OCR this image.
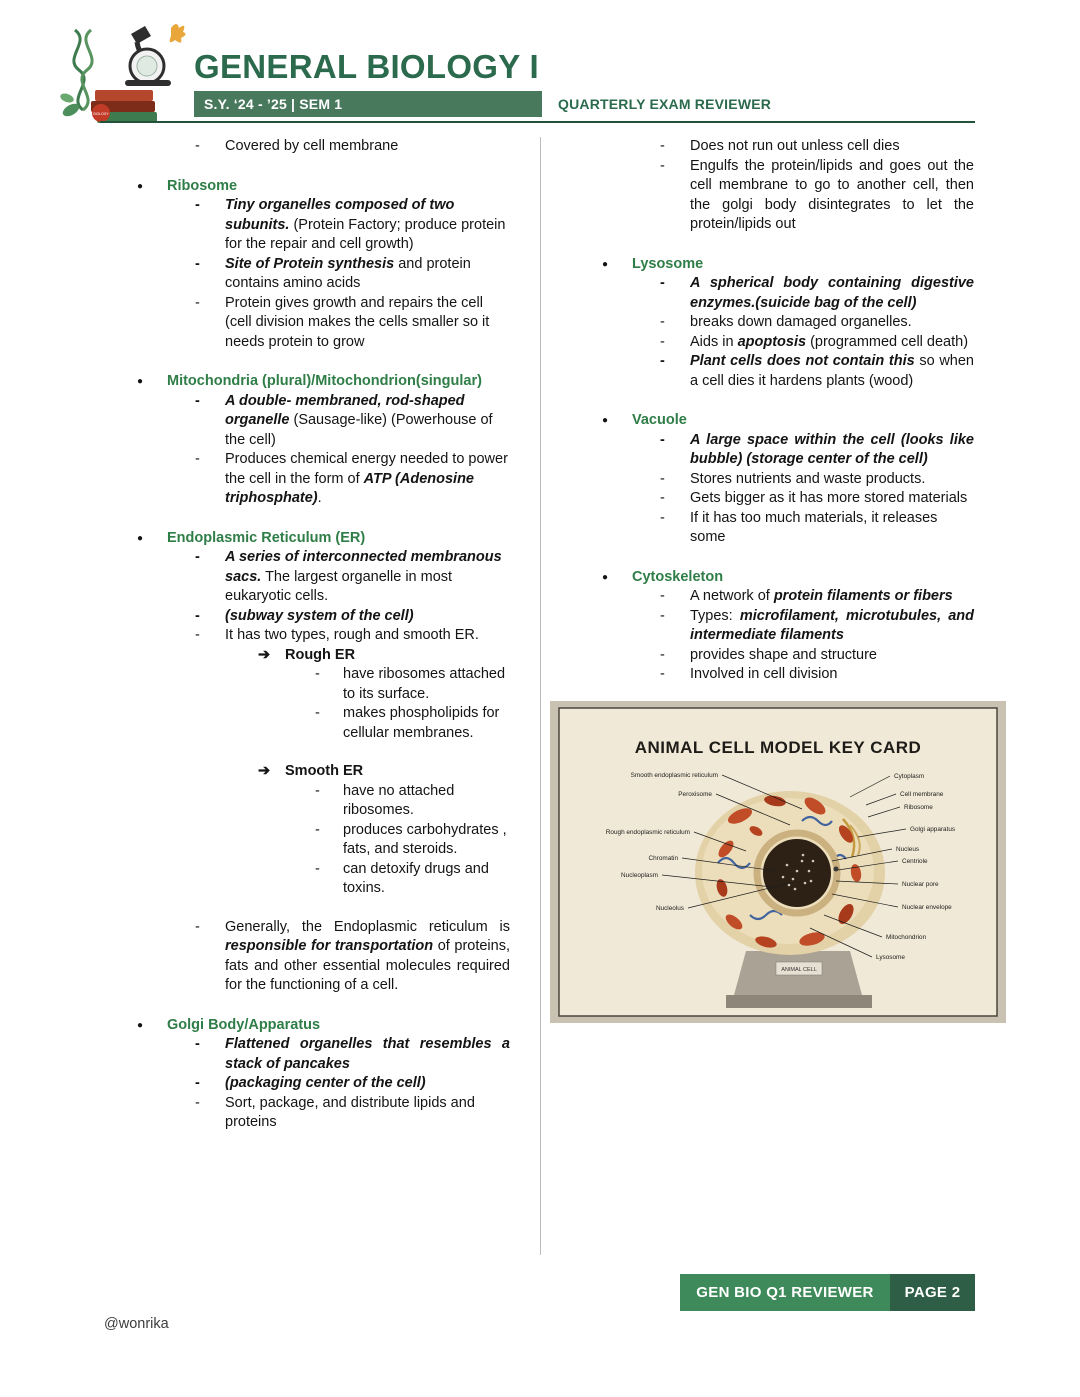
BIOLOGY
GENERAL BIOLOGY I
S.Y. ‘24 - ’25 | SEM 1	QUARTERLY EXAM REVIEWER
-	Covered by cell membrane
●	Ribosome
-	Tiny organelles composed of two subunits. (Protein Factory; produce protein for the repair and cell growth)
-	Site of Protein synthesis and protein contains amino acids
-	Protein gives growth and repairs the cell (cell division makes the cells smaller so it needs protein to grow
●	Mitochondria (plural)/Mitochondrion(singular)
-	A double- membraned, rod-shaped organelle (Sausage-like) (Powerhouse of the cell)
-	Produces chemical energy needed to power the cell in the form of ATP (Adenosine triphosphate).
●	Endoplasmic Reticulum (ER)
-	A series of interconnected membranous sacs. The largest organelle in most eukaryotic cells.
-	(subway system of the cell)
-	It has two types, rough and smooth ER.
➔	Rough ER
-	have ribosomes attached to its surface.
-	makes phospholipids for cellular membranes.
➔	Smooth ER
-	have no attached ribosomes.
-	produces carbohydrates , fats, and steroids.
-	can detoxify drugs and toxins.
-	Generally, the Endoplasmic reticulum is responsible for transportation of proteins, fats and other essential molecules required for the functioning of a cell.
●	Golgi Body/Apparatus
-	Flattened organelles that resembles a stack of pancakes
-	(packaging center of the cell)
-	Sort, package, and distribute lipids and proteins
-	Does not run out unless cell dies
-	Engulfs the protein/lipids and goes out the cell membrane to go to another cell, then the golgi body disintegrates to let the protein/lipids out
●	Lysosome
-	A spherical body containing digestive enzymes.(suicide bag of the cell)
-	breaks down damaged organelles.
-	Aids in apoptosis (programmed cell death)
-	Plant cells does not contain this so when a cell dies it hardens plants (wood)
●	Vacuole
-	A large space within the cell (looks like bubble) (storage center of the cell)
-	Stores nutrients and waste products.
-	Gets bigger as it has more stored materials
-	If it has too much materials, it releases some
●	Cytoskeleton
-	A network of protein filaments or fibers
-	Types: microfilament, microtubules, and intermediate filaments
-	provides shape and structure
-	Involved in cell division
ANIMAL CELL MODEL KEY CARD
Smooth endoplasmic reticulum
Peroxisome
Rough endoplasmic reticulum
Chromatin
Nucleoplasm
Nucleolus
Cytoplasm
Cell membrane
Ribosome
Golgi apparatus
Nucleus
Centriole
Nuclear pore
Nuclear envelope
Mitochondrion
Lysosome
ANIMAL CELL
GEN BIO Q1 REVIEWER	PAGE 2
@wonrika
